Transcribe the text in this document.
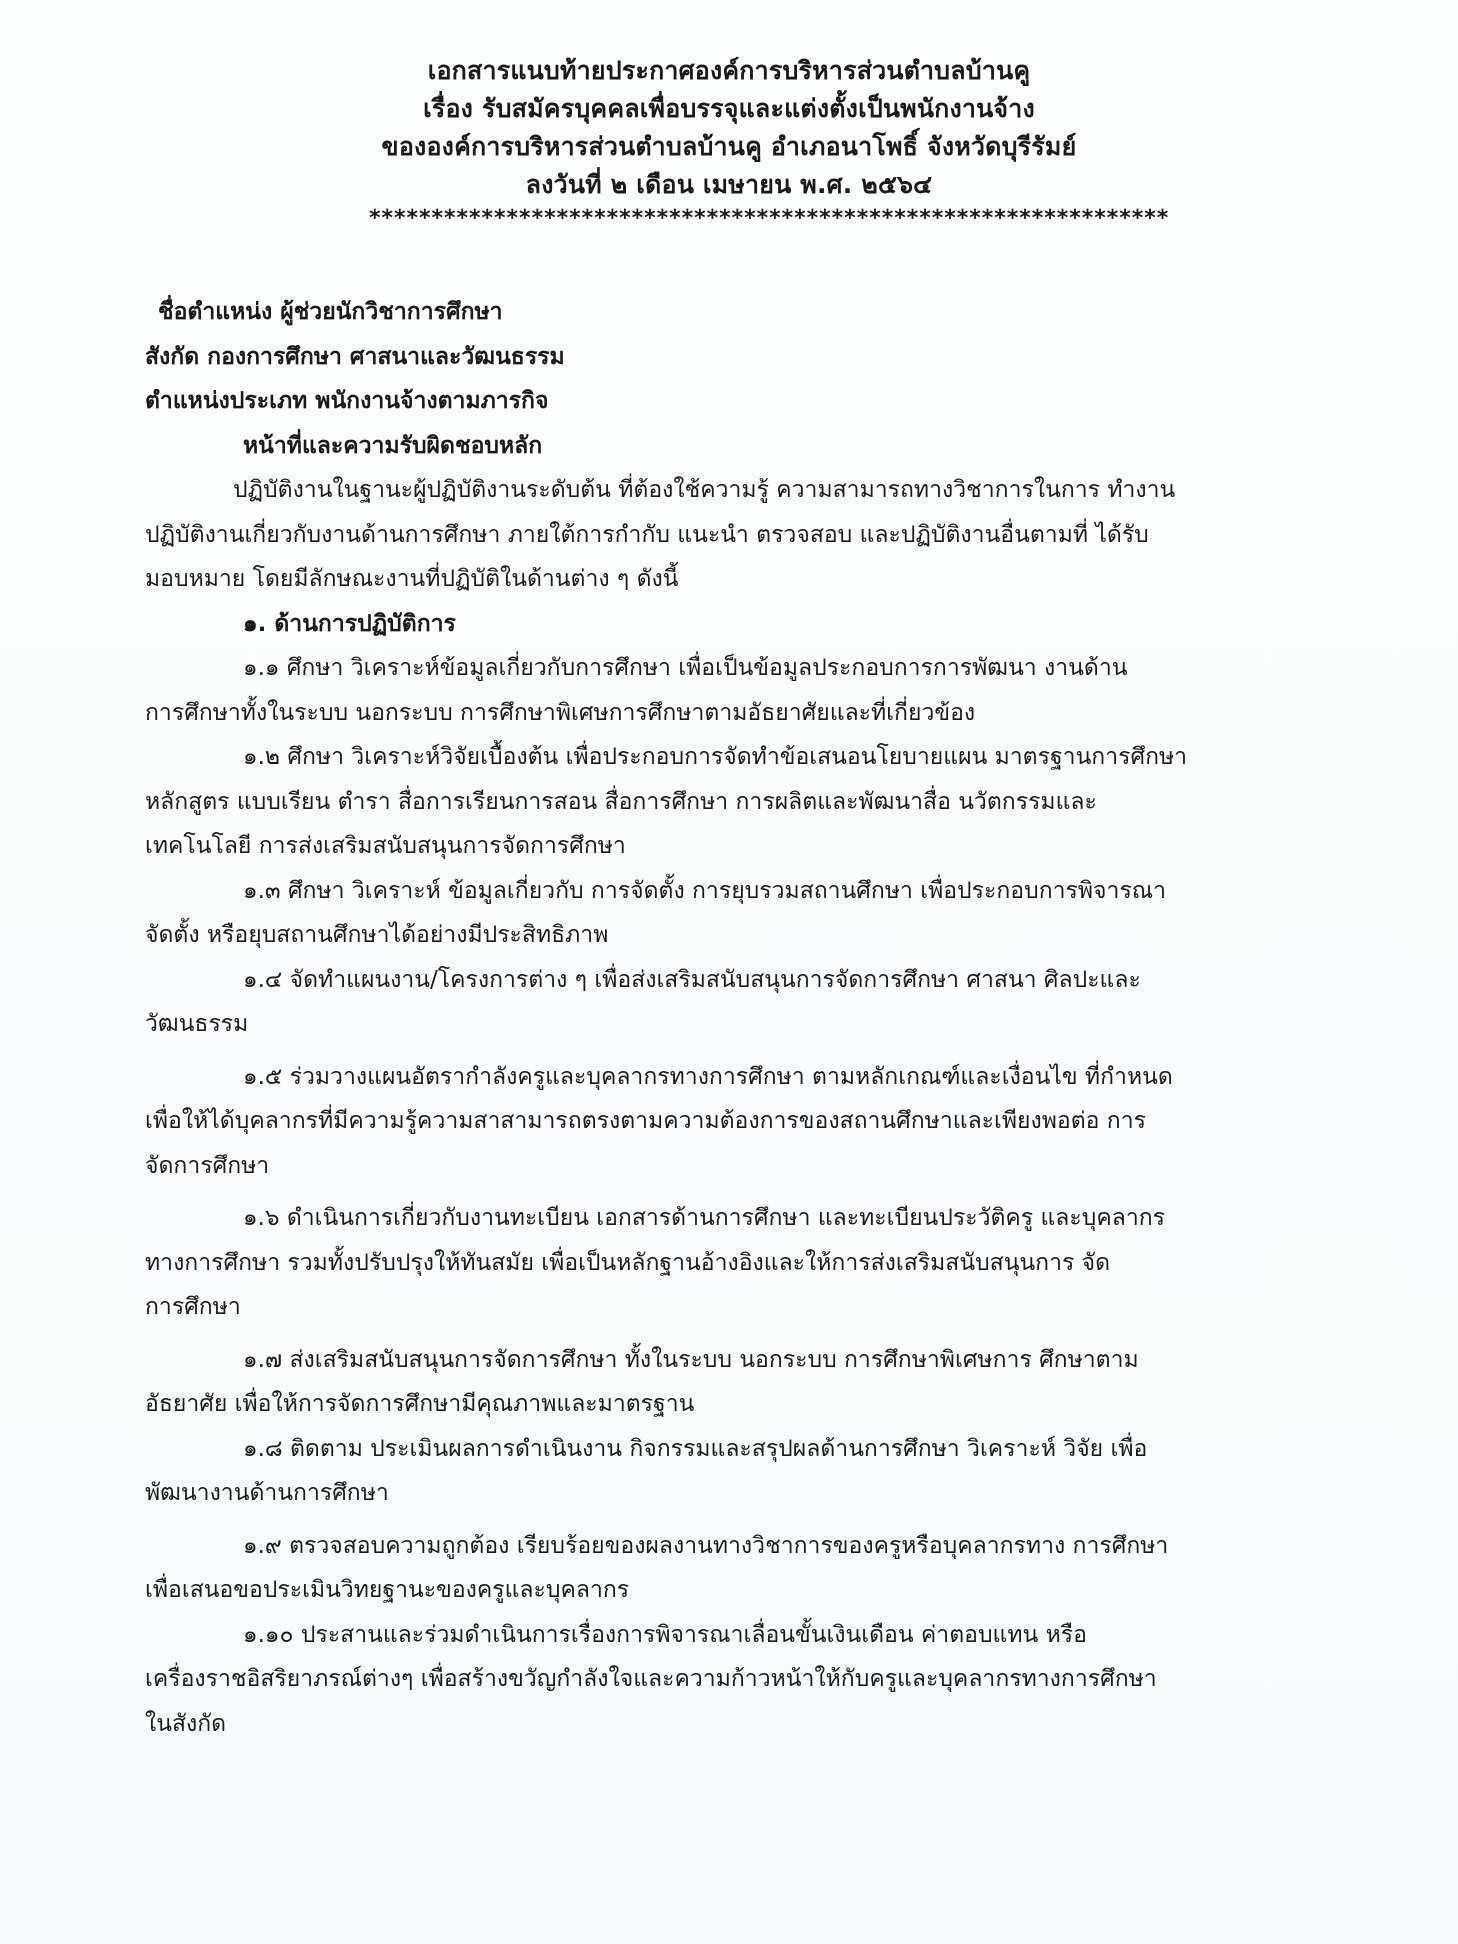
เอกสารแนบท้ายประกาศองค์การบริหารส่วนตำบลบ้านคู
เรื่อง รับสมัครบุคคลเพื่อบรรจุและแต่งตั้งเป็นพนักงานจ้าง
ขององค์การบริหารส่วนตำบลบ้านคู อำเภอนาโพธิ์ จังหวัดบุรีรัมย์
ลงวันที่ ๒ เดือน เมษายน พ.ศ. ๒๕๖๔
****************************************************************
ชื่อตำแหน่ง ผู้ช่วยนักวิชาการศึกษา
สังกัด กองการศึกษา ศาสนาและวัฒนธรรม
ตำแหน่งประเภท พนักงานจ้างตามภารกิจ
หน้าที่และความรับผิดชอบหลัก
ปฏิบัติงานในฐานะผู้ปฏิบัติงานระดับต้น ที่ต้องใช้ความรู้ ความสามารถทางวิชาการในการ ทำงาน
ปฏิบัติงานเกี่ยวกับงานด้านการศึกษา ภายใต้การกำกับ แนะนำ ตรวจสอบ และปฏิบัติงานอื่นตามที่ ได้รับ
มอบหมาย โดยมีลักษณะงานที่ปฏิบัติในด้านต่าง ๆ ดังนี้
๑. ด้านการปฏิบัติการ
๑.๑ ศึกษา วิเคราะห์ข้อมูลเกี่ยวกับการศึกษา เพื่อเป็นข้อมูลประกอบการการพัฒนา งานด้าน
การศึกษาทั้งในระบบ นอกระบบ การศึกษาพิเศษการศึกษาตามอัธยาศัยและที่เกี่ยวข้อง
๑.๒ ศึกษา วิเคราะห์วิจัยเบื้องต้น เพื่อประกอบการจัดทำข้อเสนอนโยบายแผน มาตรฐานการศึกษา
หลักสูตร แบบเรียน ตำรา สื่อการเรียนการสอน สื่อการศึกษา การผลิตและพัฒนาสื่อ นวัตกรรมและ
เทคโนโลยี การส่งเสริมสนับสนุนการจัดการศึกษา
๑.๓ ศึกษา วิเคราะห์ ข้อมูลเกี่ยวกับ การจัดตั้ง การยุบรวมสถานศึกษา เพื่อประกอบการพิจารณา
จัดตั้ง หรือยุบสถานศึกษาได้อย่างมีประสิทธิภาพ
๑.๔ จัดทำแผนงาน/โครงการต่าง ๆ เพื่อส่งเสริมสนับสนุนการจัดการศึกษา ศาสนา ศิลปะและ
วัฒนธรรม
๑.๕ ร่วมวางแผนอัตรากำลังครูและบุคลากรทางการศึกษา ตามหลักเกณฑ์และเงื่อนไข ที่กำหนด
เพื่อให้ได้บุคลากรที่มีความรู้ความสาสามารถตรงตามความต้องการของสถานศึกษาและเพียงพอต่อ การ
จัดการศึกษา
๑.๖ ดำเนินการเกี่ยวกับงานทะเบียน เอกสารด้านการศึกษา และทะเบียนประวัติครู และบุคลากร
ทางการศึกษา รวมทั้งปรับปรุงให้ทันสมัย เพื่อเป็นหลักฐานอ้างอิงและให้การส่งเสริมสนับสนุนการ จัด
การศึกษา
๑.๗ ส่งเสริมสนับสนุนการจัดการศึกษา ทั้งในระบบ นอกระบบ การศึกษาพิเศษการ ศึกษาตาม
อัธยาศัย เพื่อให้การจัดการศึกษามีคุณภาพและมาตรฐาน
๑.๘ ติดตาม ประเมินผลการดำเนินงาน กิจกรรมและสรุปผลด้านการศึกษา วิเคราะห์ วิจัย เพื่อ
พัฒนางานด้านการศึกษา
๑.๙ ตรวจสอบความถูกต้อง เรียบร้อยของผลงานทางวิชาการของครูหรือบุคลากรทาง การศึกษา
เพื่อเสนอขอประเมินวิทยฐานะของครูและบุคลากร
๑.๑๐ ประสานและร่วมดำเนินการเรื่องการพิจารณาเลื่อนขั้นเงินเดือน ค่าตอบแทน หรือ
เครื่องราชอิสริยาภรณ์ต่างๆ เพื่อสร้างขวัญกำลังใจและความก้าวหน้าให้กับครูและบุคลากรทางการศึกษา
ในสังกัด
